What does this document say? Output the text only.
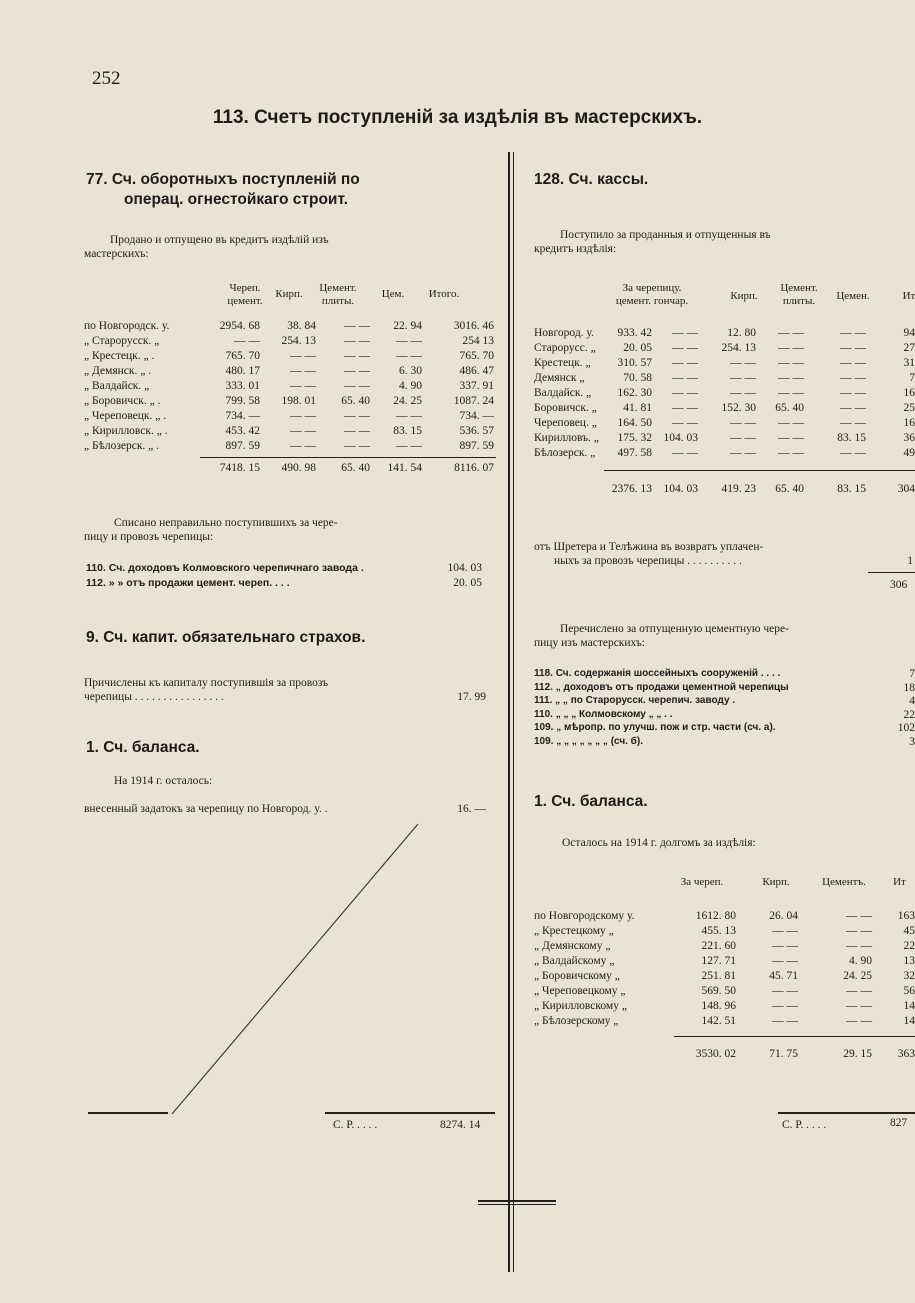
252
113. Счетъ поступленій за издѣлія въ мастерскихъ.
77. Сч. оборотныхъ поступленій по
операц. огнестойкаго строит.
Продано и отпущено въ кредитъ издѣлій изъ
мастерскихъ:
Череп.
цемент.
Кирп.	Цемент.
плиты.
Цем.	Итого.
по Новгородск. у.	2954. 68	38. 84	— —	22. 94	3016. 46
„ Старорусск. „	— —	254. 13	— —	— —	254 13
„ Крестецк. „ .	765. 70	— —	— —	— —	765. 70
„ Демянск. „ .	480. 17	— —	— —	6. 30	486. 47
„ Валдайск. „	333. 01	— —	— —	4. 90	337. 91
„ Боровичск. „ .	799. 58	198. 01	65. 40	24. 25	1087. 24
„ Череповецк. „ .	734. —	— —	— —	— —	734. —
„ Кирилловск. „ .	453. 42	— —	— —	83. 15	536. 57
„ Бѣлозерск. „ .	897. 59	— —	— —	— —	897. 59
7418. 15	490. 98	65. 40	141. 54	8116. 07
Списано неправильно поступившихъ за чере-
пицу и провозъ черепицы:
110. Сч. доходовъ Колмовского черепичнаго завода .	104. 03
112. » » отъ продажи цемент. череп. . . .	20. 05
9. Сч. капит. обязательнаго страхов.
Причислены къ капиталу поступившія за провозъ
черепицы . . . . . . . . . . . . . . . .	17. 99
1. Сч. баланса.
На 1914 г. осталось:
внесенный задатокъ за черепицу по Новгород. у. .	16. —
С. Р. . . . .	8274. 14
128. Сч. кассы.
Поступило за проданныя и отпущенныя въ
кредитъ издѣлія:
За черепицу.
цемент. гончар.	Кирп.
Цемент.
плиты.	Цемен.	Ит
Новгород. у.	933. 42	— —	12. 80	— —	— —	94
Старорусс. „	20. 05	— —	254. 13	— —	— —	27
Крестецк. „	310. 57	— —	— —	— —	— —	31
Демянск „	70. 58	— —	— —	— —	— —	7
Валдайск. „	162. 30	— —	— —	— —	— —	16
Боровичск. „	41. 81	— —	152. 30	65. 40	— —	25
Череповец. „	164. 50	— —	— —	— —	— —	16
Кирилловъ. „	175. 32	104. 03	— —	— —	83. 15	36
Бѣлозерск. „	497. 58	— —	— —	— —	— —	49
2376. 13	104. 03	419. 23	65. 40	83. 15	304
отъ Шретера и Телѣжина въ возвратъ уплачен-
ныхъ за провозъ черепицы . . . . . . . . . .	1
306
Перечислено за отпущенную цементную чере-
пицу изъ мастерскихъ:
118. Сч. содержанія шоссейныхъ сооруженій . . . .	7
112. „ доходовъ отъ продажи цементной черепицы	18
111. „ „ по Старорусск. черепич. заводу .	4
110. „ „ „ Колмовскому „ „ . .	22
109. „ мѣропр. по улучш. пож и стр. части (сч. а).	102
109. „ „ „ „ „ „ „ (сч. б).	3
1. Сч. баланса.
Осталось на 1914 г. долгомъ за издѣлія:
За череп.	Кирп.	Цементъ.	Ит
по Новгородскому у.	1612. 80	26. 04	— —	163
„ Крестецкому „	455. 13	— —	— —	45
„ Демянскому „	221. 60	— —	— —	22
„ Валдайскому „	127. 71	— —	4. 90	13
„ Боровичскому „	251. 81	45. 71	24. 25	32
„ Череповецкому „	569. 50	— —	— —	56
„ Кирилловскому „	148. 96	— —	— —	14
„ Бѣлозерскому „	142. 51	— —	— —	14
3530. 02	71. 75	29. 15	363
С. Р. . . . .	827
